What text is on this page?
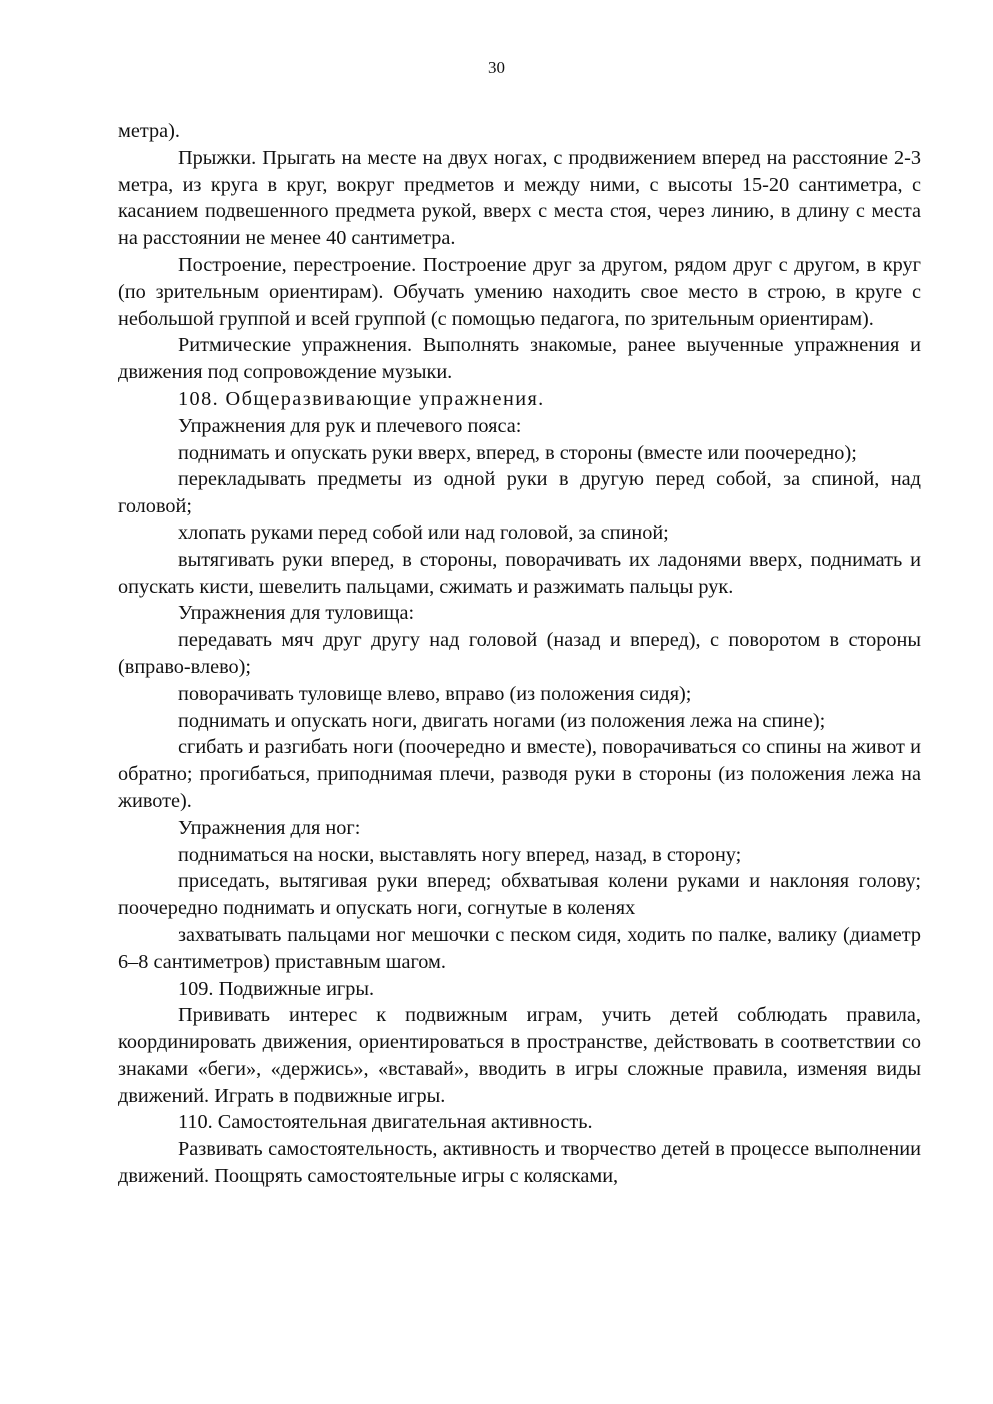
30

метра).

Прыжки. Прыгать на месте на двух ногах, с продвижением вперед на расстояние 2-3 метра, из круга в круг, вокруг предметов и между ними, с высоты 15-20 сантиметра, с касанием подвешенного предмета рукой, вверх с места стоя, через линию, в длину с места на расстоянии не менее 40 сантиметра.

Построение, перестроение. Построение друг за другом, рядом друг с другом, в круг (по зрительным ориентирам). Обучать умению находить свое место в строю, в круге с небольшой группой и всей группой (с помощью педагога, по зрительным ориентирам).

Ритмические упражнения. Выполнять знакомые, ранее выученные упражнения и движения под сопровождение музыки.

108. Общеразвивающие упражнения.

Упражнения для рук и плечевого пояса:

поднимать и опускать руки вверх, вперед, в стороны (вместе или поочередно);

перекладывать предметы из одной руки в другую перед собой, за спиной, над головой;

хлопать руками перед собой или над головой, за спиной;

вытягивать руки вперед, в стороны, поворачивать их ладонями вверх, поднимать и опускать кисти, шевелить пальцами, сжимать и разжимать пальцы рук.

Упражнения для туловища:

передавать мяч друг другу над головой (назад и вперед), с поворотом в стороны (вправо-влево);

поворачивать туловище влево, вправо (из положения сидя);

поднимать и опускать ноги, двигать ногами (из положения лежа на спине);

сгибать и разгибать ноги (поочередно и вместе), поворачиваться со спины на живот и обратно; прогибаться, приподнимая плечи, разводя руки в стороны (из положения лежа на животе).

Упражнения для ног:

подниматься на носки, выставлять ногу вперед, назад, в сторону;

приседать, вытягивая руки вперед; обхватывая колени руками и наклоняя голову; поочередно поднимать и опускать ноги, согнутые в коленях

захватывать пальцами ног мешочки с песком сидя, ходить по палке, валику (диаметр 6–8 сантиметров) приставным шагом.

109. Подвижные игры.

Прививать интерес к подвижным играм, учить детей соблюдать правила, координировать движения, ориентироваться в пространстве, действовать в соответствии со знаками «беги», «держись», «вставай», вводить в игры сложные правила, изменяя виды движений. Играть в подвижные игры.

110. Самостоятельная двигательная активность.

Развивать самостоятельность, активность и творчество детей в процессе выполнении движений. Поощрять самостоятельные игры с колясками,
